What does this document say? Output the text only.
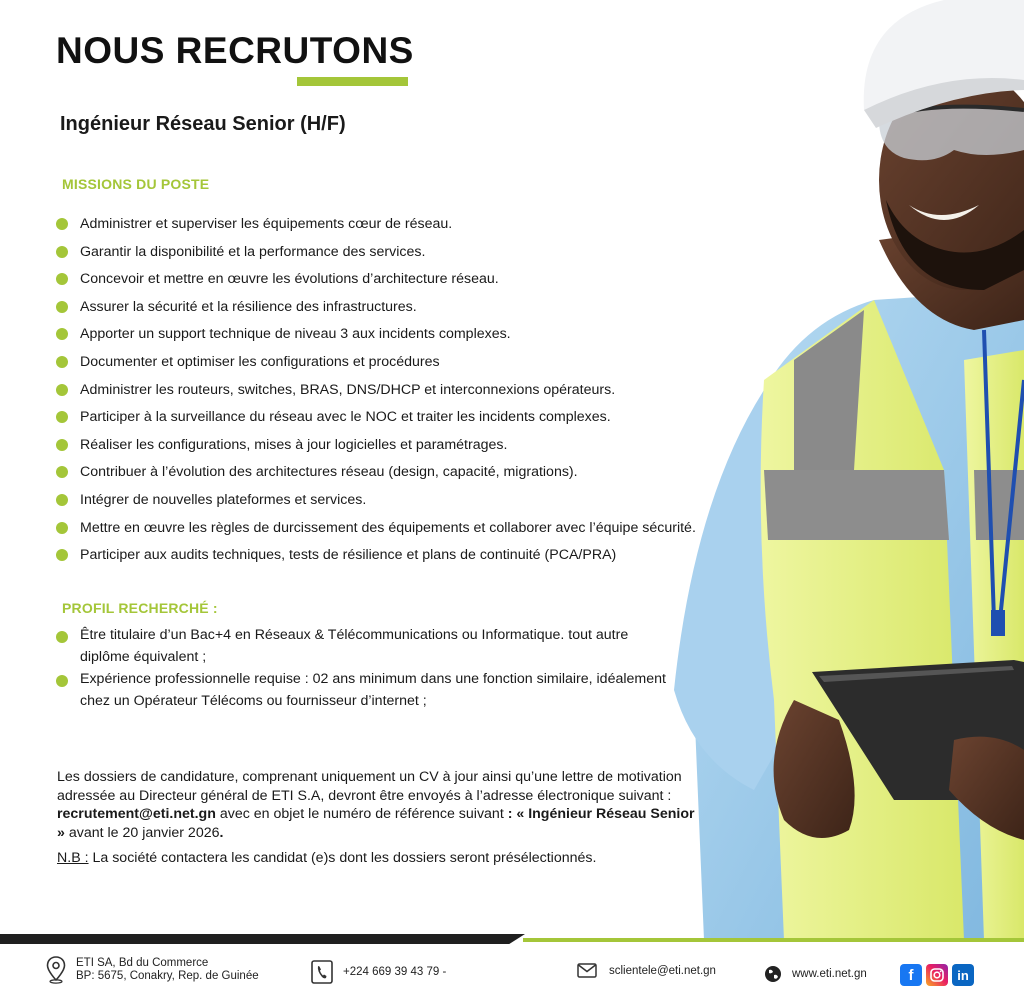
NOUS RECRUTONS
Ingénieur Réseau Senior (H/F)
MISSIONS DU POSTE
Administrer et superviser les équipements cœur de réseau.
Garantir la disponibilité et la performance des services.
Concevoir et mettre en œuvre les évolutions d’architecture réseau.
Assurer la sécurité et la résilience des infrastructures.
Apporter un support technique de niveau 3 aux incidents complexes.
Documenter et optimiser les configurations et procédures
Administrer les routeurs, switches, BRAS, DNS/DHCP et interconnexions opérateurs.
Participer à la surveillance du réseau avec le NOC et traiter les incidents complexes.
Réaliser les configurations, mises à jour logicielles et paramétrages.
Contribuer à l’évolution des architectures réseau (design, capacité, migrations).
Intégrer de nouvelles plateformes et services.
Mettre en œuvre les règles de durcissement des équipements et collaborer avec l’équipe sécurité.
Participer aux audits techniques, tests de résilience et plans de continuité (PCA/PRA)
PROFIL RECHERCHÉ :
Être titulaire d’un Bac+4 en Réseaux & Télécommunications ou Informatique. tout autre diplôme équivalent ;
Expérience professionnelle requise : 02 ans minimum dans une fonction similaire, idéalement chez un Opérateur Télécoms ou fournisseur d’internet ;

Les dossiers de candidature, comprenant uniquement un CV à jour ainsi qu’une lettre de motivation adressée au Directeur général de ETI S.A, devront être envoyés à l’adresse électronique suivant : recrutement@eti.net.gn avec en objet le numéro de référence suivant : « Ingénieur Réseau Senior » avant le 20 janvier 2026.

N.B : La société contactera les candidat (e)s dont les dossiers seront présélectionnés.

ETI SA, Bd du Commerce
BP: 5675, Conakry, Rep. de Guinée	+224 669 39 43 79 -	sclientele@eti.net.gn	www.eti.net.gn	f	in
